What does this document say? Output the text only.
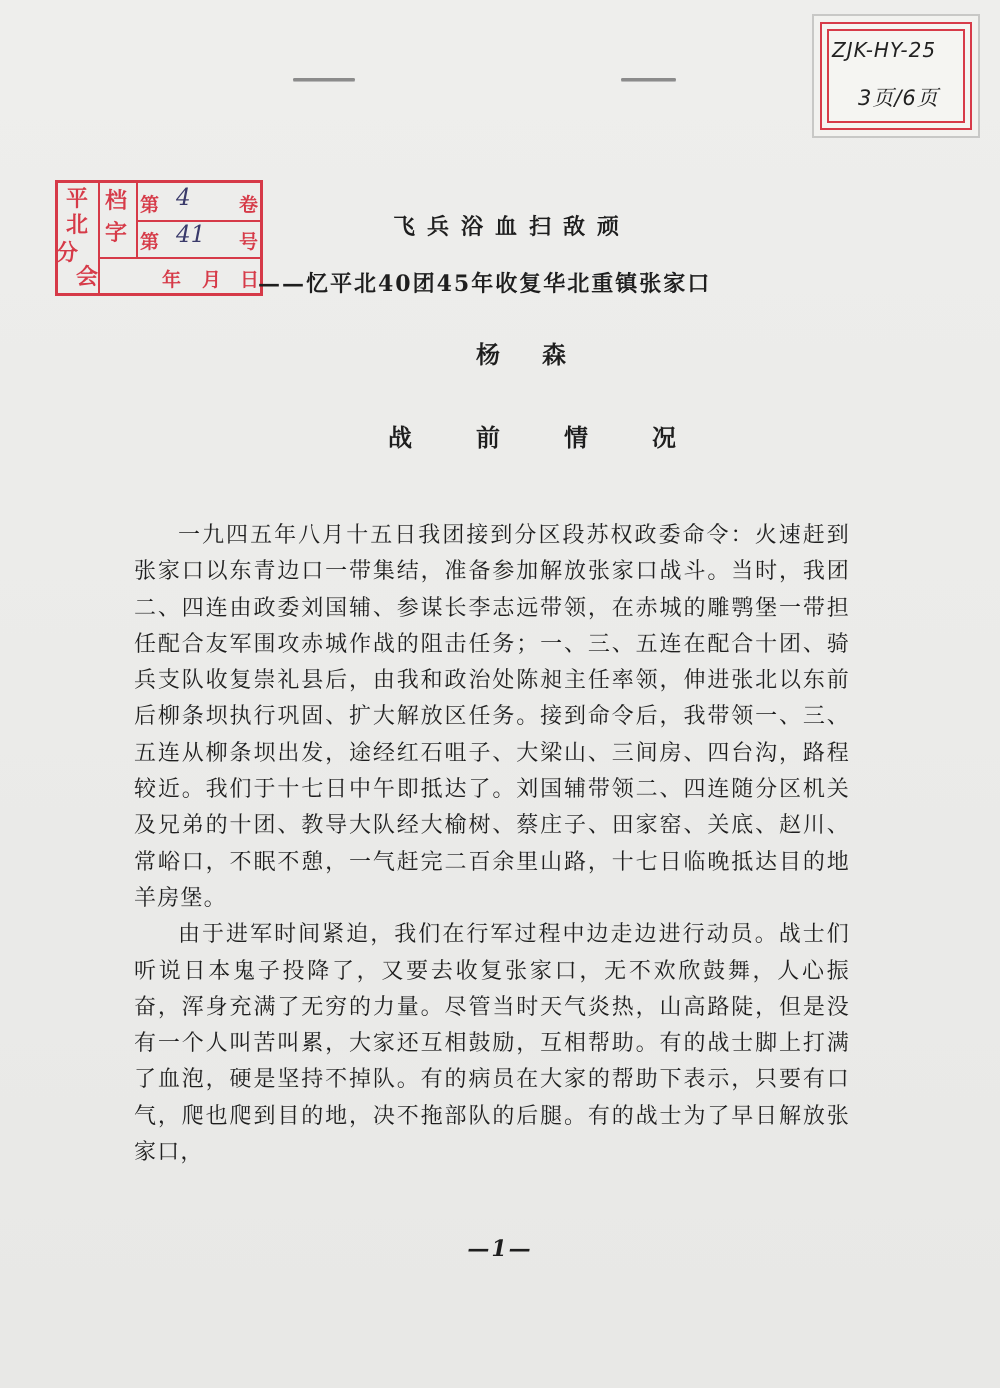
平
北
分
会
档
字
第 4	卷
第 41 号
年 月 日
ZJK-HY-25
3页/6页
飞兵浴血扫敌顽
——忆平北40团45年收复华北重镇张家口
杨森
战前情况

一九四五年八月十五日我团接到分区段苏权政委命令：火速赶到张家口以东青边口一带集结，准备参加解放张家口战斗。当时，我团二、四连由政委刘国辅、参谋长李志远带领，在赤城的雕鹗堡一带担任配合友军围攻赤城作战的阻击任务；一、三、五连在配合十团、骑兵支队收复崇礼县后，由我和政治处陈昶主任率领，伸进张北以东前后柳条坝执行巩固、扩大解放区任务。接到命令后，我带领一、三、五连从柳条坝出发，途经红石咀子、大梁山、三间房、四台沟，路程较近。我们于十七日中午即抵达了。刘国辅带领二、四连随分区机关及兄弟的十团、教导大队经大榆树、蔡庄子、田家窑、关底、赵川、常峪口，不眠不憩，一气赶完二百余里山路，十七日临晚抵达目的地羊房堡。

由于进军时间紧迫，我们在行军过程中边走边进行动员。战士们听说日本鬼子投降了，又要去收复张家口，无不欢欣鼓舞，人心振奋，浑身充满了无穷的力量。尽管当时天气炎热，山高路陡，但是没有一个人叫苦叫累，大家还互相鼓励，互相帮助。有的战士脚上打满了血泡，硬是坚持不掉队。有的病员在大家的帮助下表示，只要有口气，爬也爬到目的地，决不拖部队的后腿。有的战士为了早日解放张家口，

—1—
